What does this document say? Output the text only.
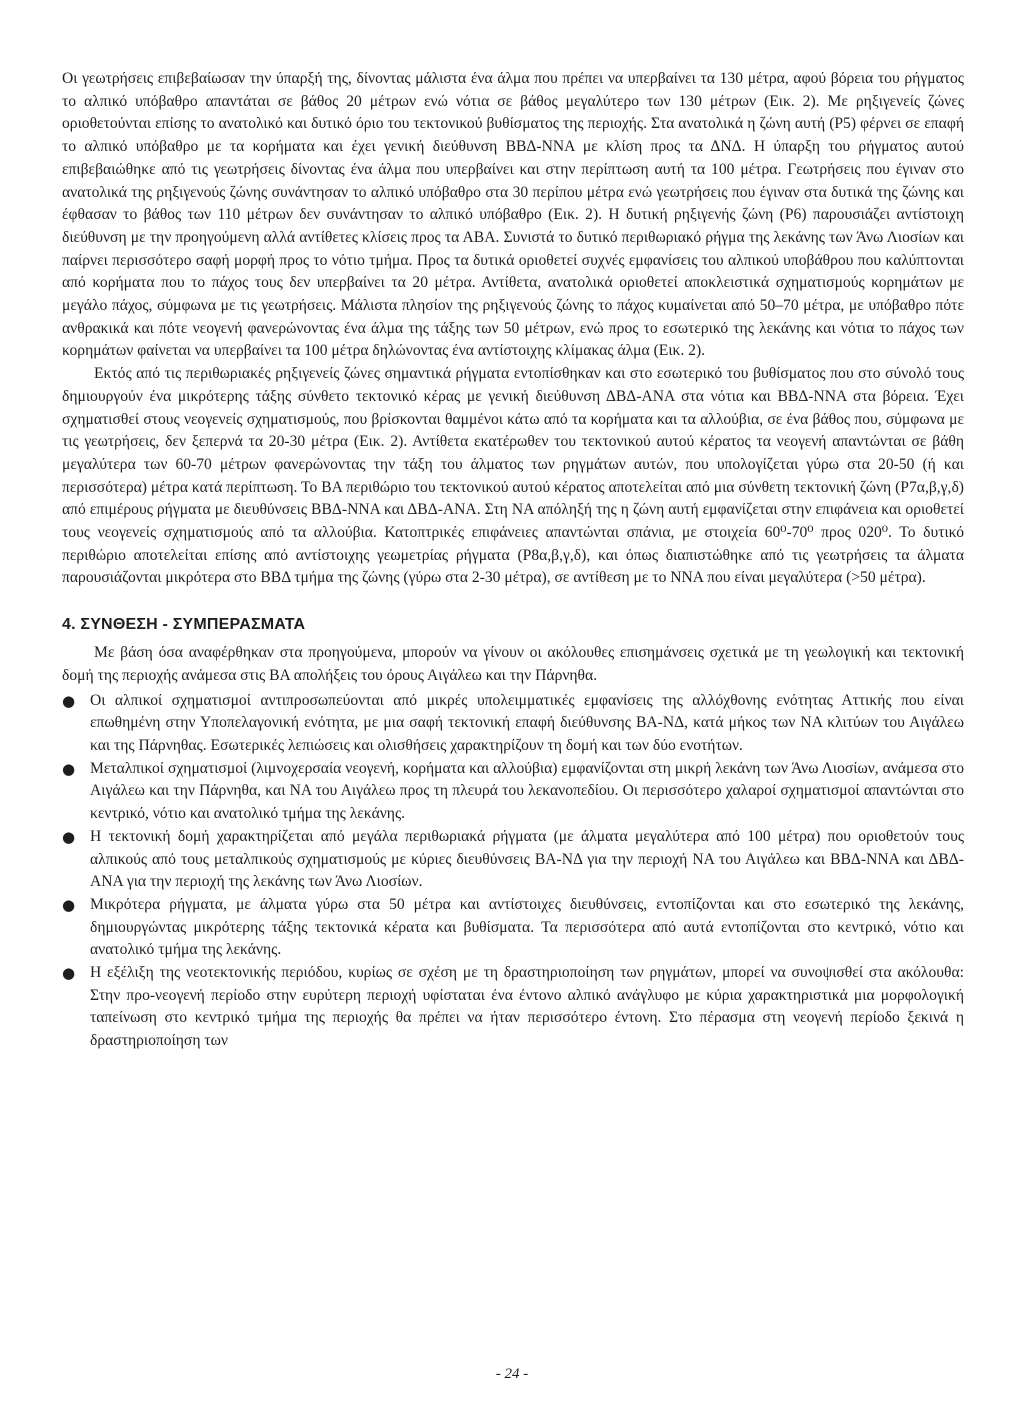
Οι γεωτρήσεις επιβεβαίωσαν την ύπαρξή της, δίνοντας μάλιστα ένα άλμα που πρέπει να υπερβαίνει τα 130 μέτρα, αφού βόρεια του ρήγματος το αλπικό υπόβαθρο απαντάται σε βάθος 20 μέτρων ενώ νότια σε βάθος μεγαλύτερο των 130 μέτρων (Εικ. 2). Με ρηξιγενείς ζώνες οριοθετούνται επίσης το ανατολικό και δυτικό όριο του τεκτονικού βυθίσματος της περιοχής. Στα ανατολικά η ζώνη αυτή (P5) φέρνει σε επαφή το αλπικό υπόβαθρο με τα κορήματα και έχει γενική διεύθυνση ΒΒΔ-ΝΝΑ με κλίση προς τα ΔΝΔ. Η ύπαρξη του ρήγματος αυτού επιβεβαιώθηκε από τις γεωτρήσεις δίνοντας ένα άλμα που υπερβαίνει και στην περίπτωση αυτή τα 100 μέτρα. Γεωτρήσεις που έγιναν στο ανατολικά της ρηξιγενούς ζώνης συνάντησαν το αλπικό υπόβαθρο στα 30 περίπου μέτρα ενώ γεωτρήσεις που έγιναν στα δυτικά της ζώνης και έφθασαν το βάθος των 110 μέτρων δεν συνάντησαν το αλπικό υπόβαθρο (Εικ. 2). Η δυτική ρηξιγενής ζώνη (P6) παρουσιάζει αντίστοιχη διεύθυνση με την προηγούμενη αλλά αντίθετες κλίσεις προς τα ΑΒΑ. Συνιστά το δυτικό περιθωριακό ρήγμα της λεκάνης των Άνω Λιοσίων και παίρνει περισσότερο σαφή μορφή προς το νότιο τμήμα. Προς τα δυτικά οριοθετεί συχνές εμφανίσεις του αλπικού υποβάθρου που καλύπτονται από κορήματα που το πάχος τους δεν υπερβαίνει τα 20 μέτρα. Αντίθετα, ανατολικά οριοθετεί αποκλειστικά σχηματισμούς κορημάτων με μεγάλο πάχος, σύμφωνα με τις γεωτρήσεις. Μάλιστα πλησίον της ρηξιγενούς ζώνης το πάχος κυμαίνεται από 50–70 μέτρα, με υπόβαθρο πότε ανθρακικά και πότε νεογενή φανερώνοντας ένα άλμα της τάξης των 50 μέτρων, ενώ προς το εσωτερικό της λεκάνης και νότια το πάχος των κορημάτων φαίνεται να υπερβαίνει τα 100 μέτρα δηλώνοντας ένα αντίστοιχης κλίμακας άλμα (Εικ. 2).

Εκτός από τις περιθωριακές ρηξιγενείς ζώνες σημαντικά ρήγματα εντοπίσθηκαν και στο εσωτερικό του βυθίσματος που στο σύνολό τους δημιουργούν ένα μικρότερης τάξης σύνθετο τεκτονικό κέρας με γενική διεύθυνση ΔΒΔ-ΑΝΑ στα νότια και ΒΒΔ-ΝΝΑ στα βόρεια. Έχει σχηματισθεί στους νεογενείς σχηματισμούς, που βρίσκονται θαμμένοι κάτω από τα κορήματα και τα αλλούβια, σε ένα βάθος που, σύμφωνα με τις γεωτρήσεις, δεν ξεπερνά τα 20-30 μέτρα (Εικ. 2). Αντίθετα εκατέρωθεν του τεκτονικού αυτού κέρατος τα νεογενή απαντώνται σε βάθη μεγαλύτερα των 60-70 μέτρων φανερώνοντας την τάξη του άλματος των ρηγμάτων αυτών, που υπολογίζεται γύρω στα 20-50 (ή και περισσότερα) μέτρα κατά περίπτωση. Το ΒΑ περιθώριο του τεκτονικού αυτού κέρατος αποτελείται από μια σύνθετη τεκτονική ζώνη (P7α,β,γ,δ) από επιμέρους ρήγματα με διευθύνσεις ΒΒΔ-ΝΝΑ και ΔΒΔ-ΑΝΑ. Στη ΝΑ απόληξή της η ζώνη αυτή εμφανίζεται στην επιφάνεια και οριοθετεί τους νεογενείς σχηματισμούς από τα αλλούβια. Κατοπτρικές επιφάνειες απαντώνται σπάνια, με στοιχεία 60⁰-70⁰ προς 020⁰. Το δυτικό περιθώριο αποτελείται επίσης από αντίστοιχης γεωμετρίας ρήγματα (P8α,β,γ,δ), και όπως διαπιστώθηκε από τις γεωτρήσεις τα άλματα παρουσιάζονται μικρότερα στο ΒΒΔ τμήμα της ζώνης (γύρω στα 2-30 μέτρα), σε αντίθεση με το ΝΝΑ που είναι μεγαλύτερα (>50 μέτρα).

4. ΣΥΝΘΕΣΗ - ΣΥΜΠΕΡΑΣΜΑΤΑ

Με βάση όσα αναφέρθηκαν στα προηγούμενα, μπορούν να γίνουν οι ακόλουθες επισημάνσεις σχετικά με τη γεωλογική και τεκτονική δομή της περιοχής ανάμεσα στις ΒΑ απολήξεις του όρους Αιγάλεω και την Πάρνηθα.

● Οι αλπικοί σχηματισμοί αντιπροσωπεύονται από μικρές υπολειμματικές εμφανίσεις της αλλόχθονης ενότητας Αττικής που είναι επωθημένη στην Υποπελαγονική ενότητα, με μια σαφή τεκτονική επαφή διεύθυνσης ΒΑ-ΝΔ, κατά μήκος των ΝΑ κλιτύων του Αιγάλεω και της Πάρνηθας. Εσωτερικές λεπιώσεις και ολισθήσεις χαρακτηρίζουν τη δομή και των δύο ενοτήτων.
● Μεταλπικοί σχηματισμοί (λιμνοχερσαία νεογενή, κορήματα και αλλούβια) εμφανίζονται στη μικρή λεκάνη των Άνω Λιοσίων, ανάμεσα στο Αιγάλεω και την Πάρνηθα, και ΝΑ του Αιγάλεω προς τη πλευρά του λεκανοπεδίου. Οι περισσότερο χαλαροί σχηματισμοί απαντώνται στο κεντρικό, νότιο και ανατολικό τμήμα της λεκάνης.
● Η τεκτονική δομή χαρακτηρίζεται από μεγάλα περιθωριακά ρήγματα (με άλματα μεγαλύτερα από 100 μέτρα) που οριοθετούν τους αλπικούς από τους μεταλπικούς σχηματισμούς με κύριες διευθύνσεις ΒΑ-ΝΔ για την περιοχή ΝΑ του Αιγάλεω και ΒΒΔ-ΝΝΑ και ΔΒΔ-ΑΝΑ για την περιοχή της λεκάνης των Άνω Λιοσίων.
● Μικρότερα ρήγματα, με άλματα γύρω στα 50 μέτρα και αντίστοιχες διευθύνσεις, εντοπίζονται και στο εσωτερικό της λεκάνης, δημιουργώντας μικρότερης τάξης τεκτονικά κέρατα και βυθίσματα. Τα περισσότερα από αυτά εντοπίζονται στο κεντρικό, νότιο και ανατολικό τμήμα της λεκάνης.
● Η εξέλιξη της νεοτεκτονικής περιόδου, κυρίως σε σχέση με τη δραστηριοποίηση των ρηγμάτων, μπορεί να συνοψισθεί στα ακόλουθα: Στην προ-νεογενή περίοδο στην ευρύτερη περιοχή υφίσταται ένα έντονο αλπικό ανάγλυφο με κύρια χαρακτηριστικά μια μορφολογική ταπείνωση στο κεντρικό τμήμα της περιοχής θα πρέπει να ήταν περισσότερο έντονη. Στο πέρασμα στη νεογενή περίοδο ξεκινά η δραστηριοποίηση των
- 24 -
